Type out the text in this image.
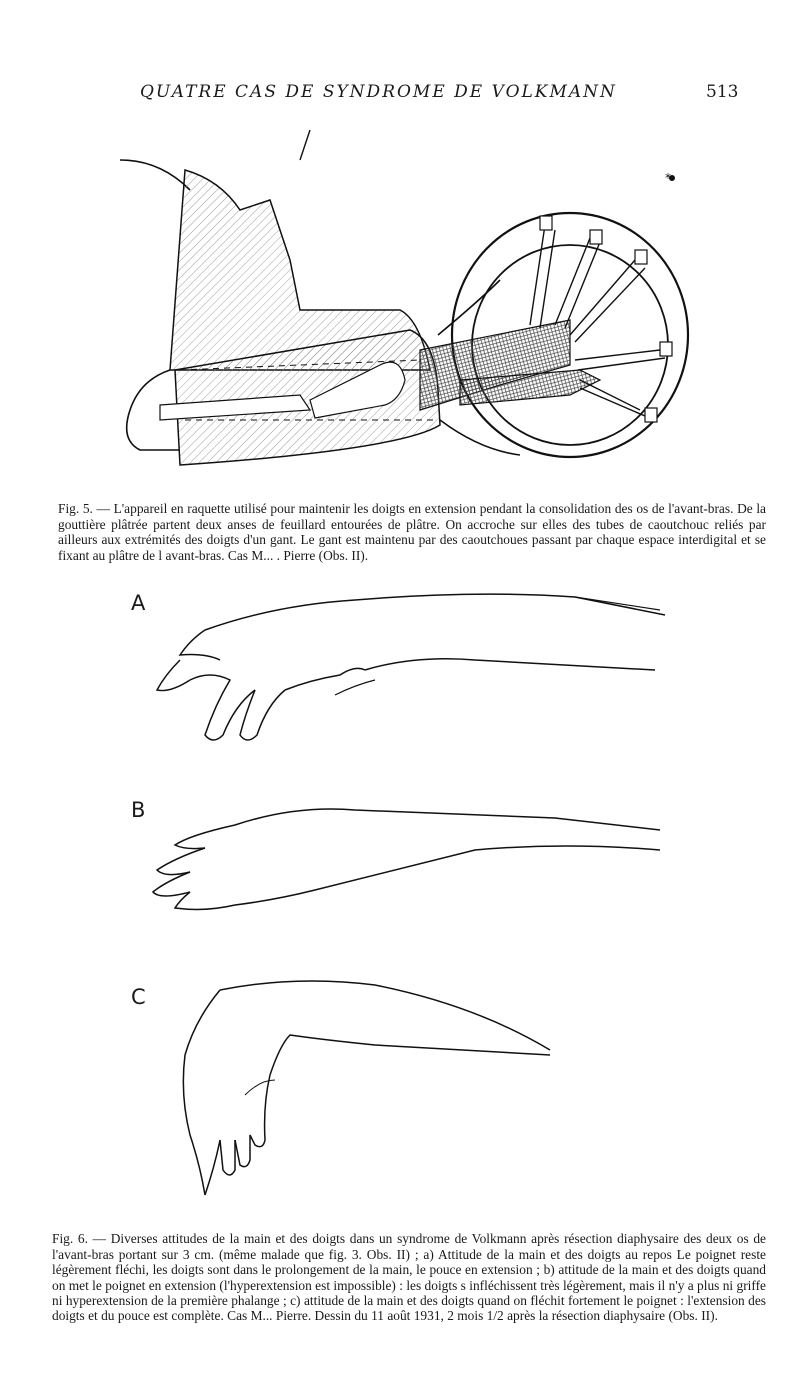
QUATRE CAS DE SYNDROME DE VOLKMANN	513
*

Fig. 5. — L'appareil en raquette utilisé pour maintenir les doigts en extension pendant la consolidation des os de l'avant-bras. De la gouttière plâtrée partent deux anses de feuillard entourées de plâtre. On accroche sur elles des tubes de caoutchouc reliés par ailleurs aux extrémités des doigts d'un gant. Le gant est maintenu par des caoutchoues passant par chaque espace interdigital et se fixant au plâtre de l avant-bras. Cas M... . Pierre (Obs. II).

A
B
C

Fig. 6. — Diverses attitudes de la main et des doigts dans un syndrome de Volkmann après résection diaphysaire des deux os de l'avant-bras portant sur 3 cm. (même malade que fig. 3. Obs. II) ; a) Attitude de la main et des doigts au repos Le poignet reste légèrement fléchi, les doigts sont dans le prolongement de la main, le pouce en extension ; b) attitude de la main et des doigts quand on met le poignet en extension (l'hyperextension est impossible) : les doigts s infléchissent très légèrement, mais il n'y a plus ni griffe ni hyperextension de la première phalange ; c) attitude de la main et des doigts quand on fléchit fortement le poignet : l'extension des doigts et du pouce est complète. Cas M... Pierre. Dessin du 11 août 1931, 2 mois 1/2 après la résection diaphysaire (Obs. II).
